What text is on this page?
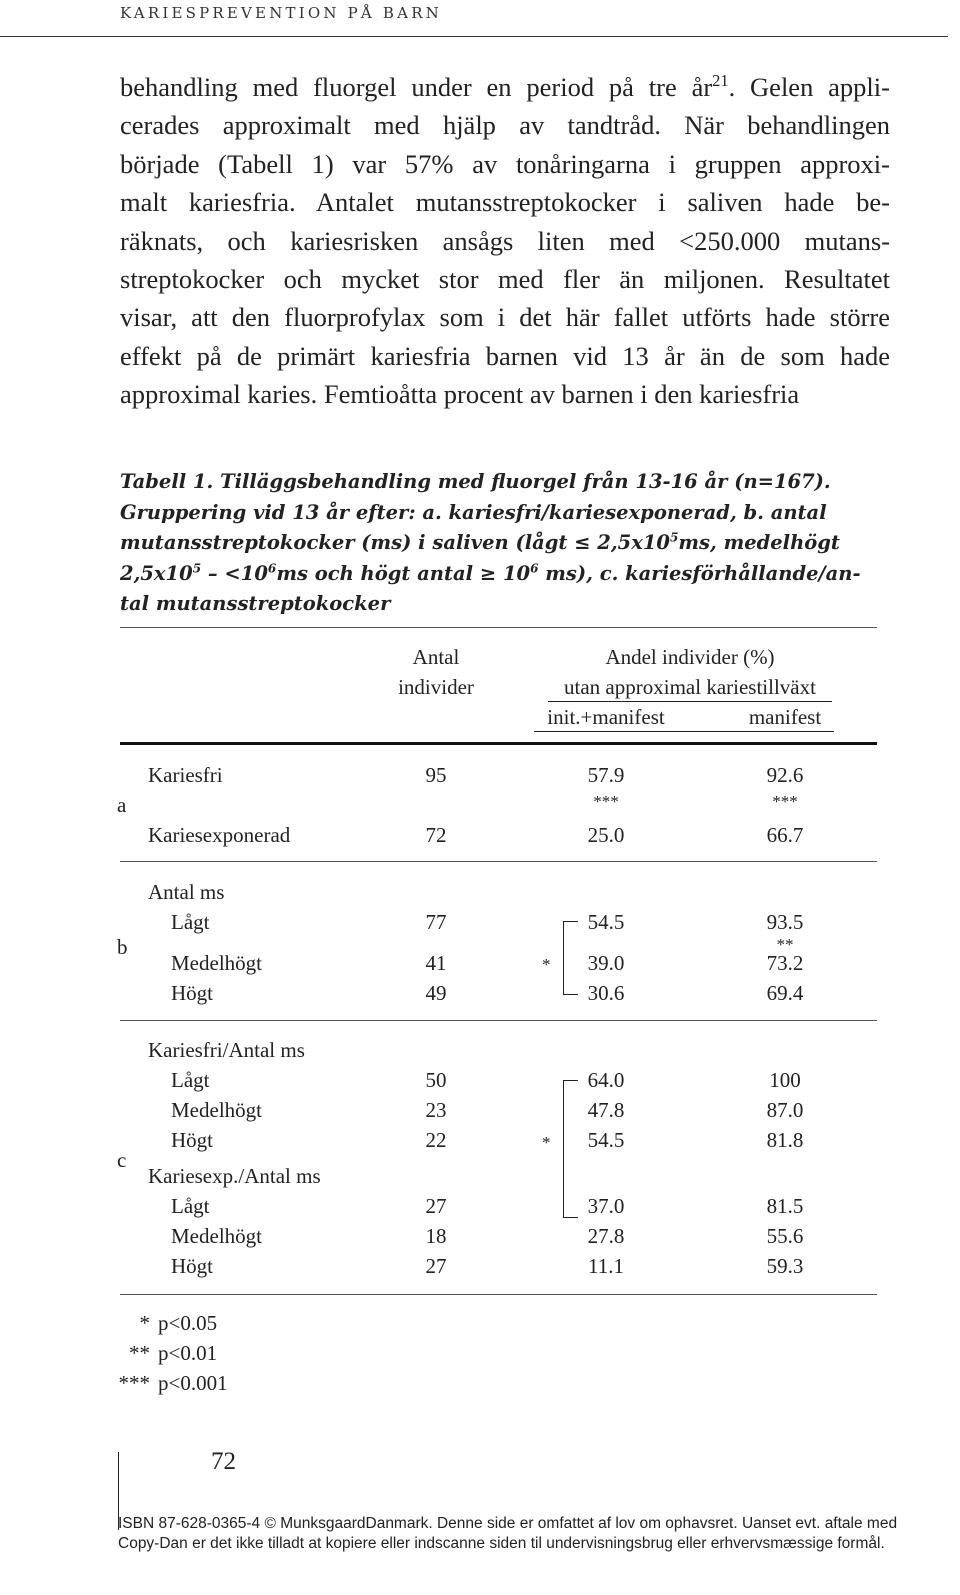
KARIESPREVENTION PÅ BARN
behandling med fluorgel under en period på tre $år^{21}$. Gelen appli-
cerades approximalt med hjälp av tandtråd. När behandlingen
började (Tabell 1) var 57% av tonåringarna i gruppen approxi-
malt kariesfria. Antalet mutansstreptokocker i saliven hade be-
räknats, och kariesrisken ansågs liten med <250.000 mutans-
streptokocker och mycket stor med fler än miljonen. Resultatet
visar, att den fluorprofylax som i det här fallet utförts hade större
effekt på de primärt kariesfria barnen vid 13 år än de som hade
approximal karies. Femtioåtta procent av barnen i den kariesfria
Tabell 1. Tilläggsbehandling med fluorgel från 13-16 år (n=167).
Gruppering vid 13 år efter: a. kariesfri/kariesexponerad, b. antal
mutansstreptokocker (ms) i saliven (lågt ≤ $2,5x10^5ms$, medelhögt
$2,5x10^5 - <10^6ms$ och högt antal ≥ $10^6$ ms), c. kariesförhållande/an-
tal mutansstreptokocker
Antal
individer
Andel individer (%)
utan approximal kariestillväxt
init.+manifest	manifest
a
Kariesfri	95	57.9	92.6
***	***
Kariesexponerad	72	25.0	66.7
b
Antal ms
Lågt	77	54.5	93.5
**
Medelhögt	41	39.0	73.2
Högt	49	30.6	69.4
*
c
Kariesfri/Antal ms
Lågt	50	64.0	100
Medelhögt	23	47.8	87.0
Högt	22	54.5	81.8
Kariesexp./Antal ms
Lågt	27	37.0	81.5
Medelhögt	18	27.8	55.6
Högt	27	11.1	59.3
*
* p<0.05
** p<0.01
*** p<0.001
72
ISBN 87-628-0365-4 © MunksgaardDanmark. Denne side er omfattet af lov om ophavsret. Uanset evt. aftale med
Copy-Dan er det ikke tilladt at kopiere eller indscanne siden til undervisningsbrug eller erhvervsmæssige formål.
